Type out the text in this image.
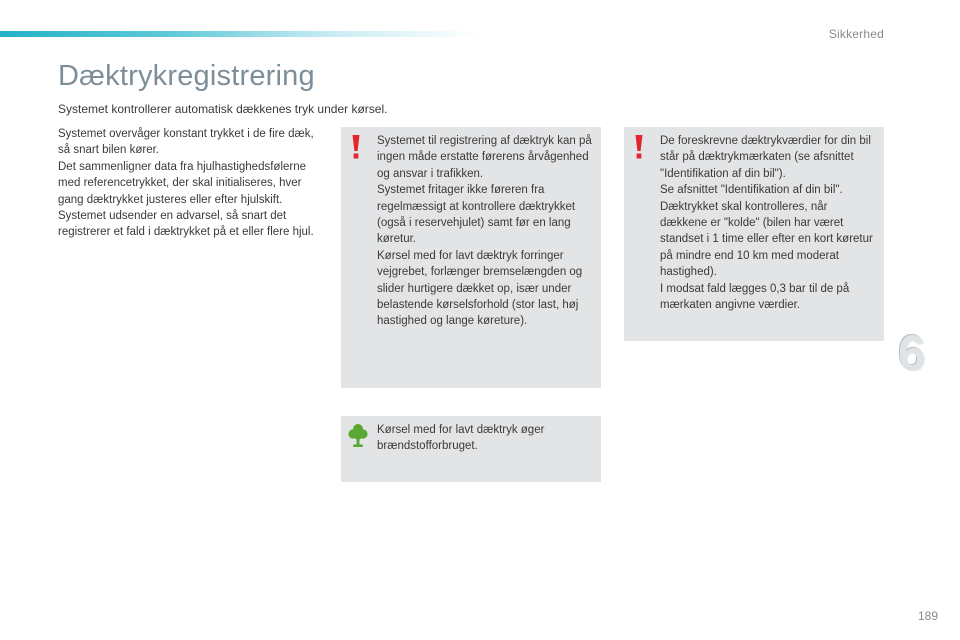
Sikkerhed
Dæktrykregistrering
Systemet kontrollerer automatisk dækkenes tryk under kørsel.

Systemet overvåger konstant trykket i de fire dæk, så snart bilen kører.

Det sammenligner data fra hjulhastighedsfølerne med referencetrykket, der skal initialiseres, hver gang dæktrykket justeres eller efter hjulskift.

Systemet udsender en advarsel, så snart det registrerer et fald i dæktrykket på et eller flere hjul.

Systemet til registrering af dæktryk kan på ingen måde erstatte førerens årvågenhed og ansvar i trafikken.

Systemet fritager ikke føreren fra regelmæssigt at kontrollere dæktrykket (også i reservehjulet) samt før en lang køretur.

Kørsel med for lavt dæktryk forringer vejgrebet, forlænger bremselængden og slider hurtigere dækket op, især under belastende kørselsforhold (stor last, høj hastighed og lange køreture).

De foreskrevne dæktrykværdier for din bil står på dæktrykmærkaten (se afsnittet "Identifikation af din bil").

Se afsnittet "Identifikation af din bil".

Dæktrykket skal kontrolleres, når dækkene er "kolde" (bilen har været standset i 1 time eller efter en kort køretur på mindre end 10 km med moderat hastighed).

I modsat fald lægges 0,3 bar til de på mærkaten angivne værdier.

Kørsel med for lavt dæktryk øger brændstofforbruget.

6
189
